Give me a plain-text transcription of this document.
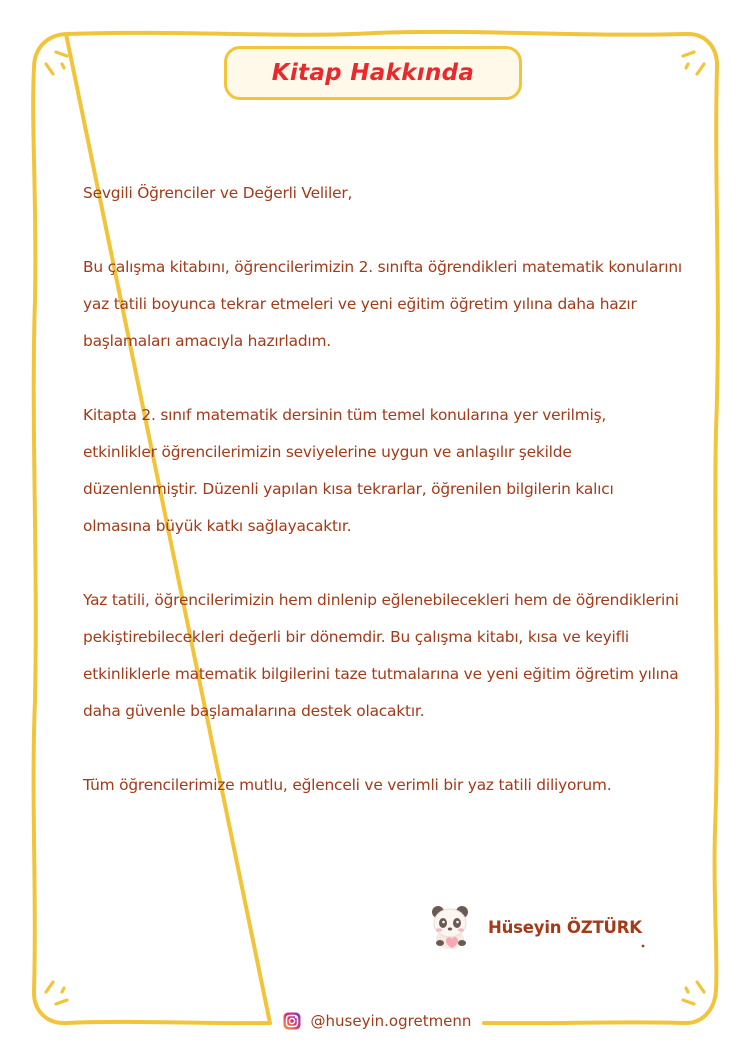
Kitap Hakkında

Sevgili Öğrenciler ve Değerli Veliler,

Bu çalışma kitabını, öğrencilerimizin 2. sınıfta öğrendikleri matematik konularını yaz tatili boyunca tekrar etmeleri ve yeni eğitim öğretim yılına daha hazır başlamaları amacıyla hazırladım.

Kitapta 2. sınıf matematik dersinin tüm temel konularına yer verilmiş, etkinlikler öğrencilerimizin seviyelerine uygun ve anlaşılır şekilde düzenlenmiştir. Düzenli yapılan kısa tekrarlar, öğrenilen bilgilerin kalıcı olmasına büyük katkı sağlayacaktır.

Yaz tatili, öğrencilerimizin hem dinlenip eğlenebilecekleri hem de öğrendiklerini pekiştirebilecekleri değerli bir dönemdir. Bu çalışma kitabı, kısa ve keyifli etkinliklerle matematik bilgilerini taze tutmalarına ve yeni eğitim öğretim yılına daha güvenle başlamalarına destek olacaktır.

Tüm öğrencilerimize mutlu, eğlenceli ve verimli bir yaz tatili diliyorum.

Hüseyin ÖZTÜRK
@huseyin.ogretmenn
